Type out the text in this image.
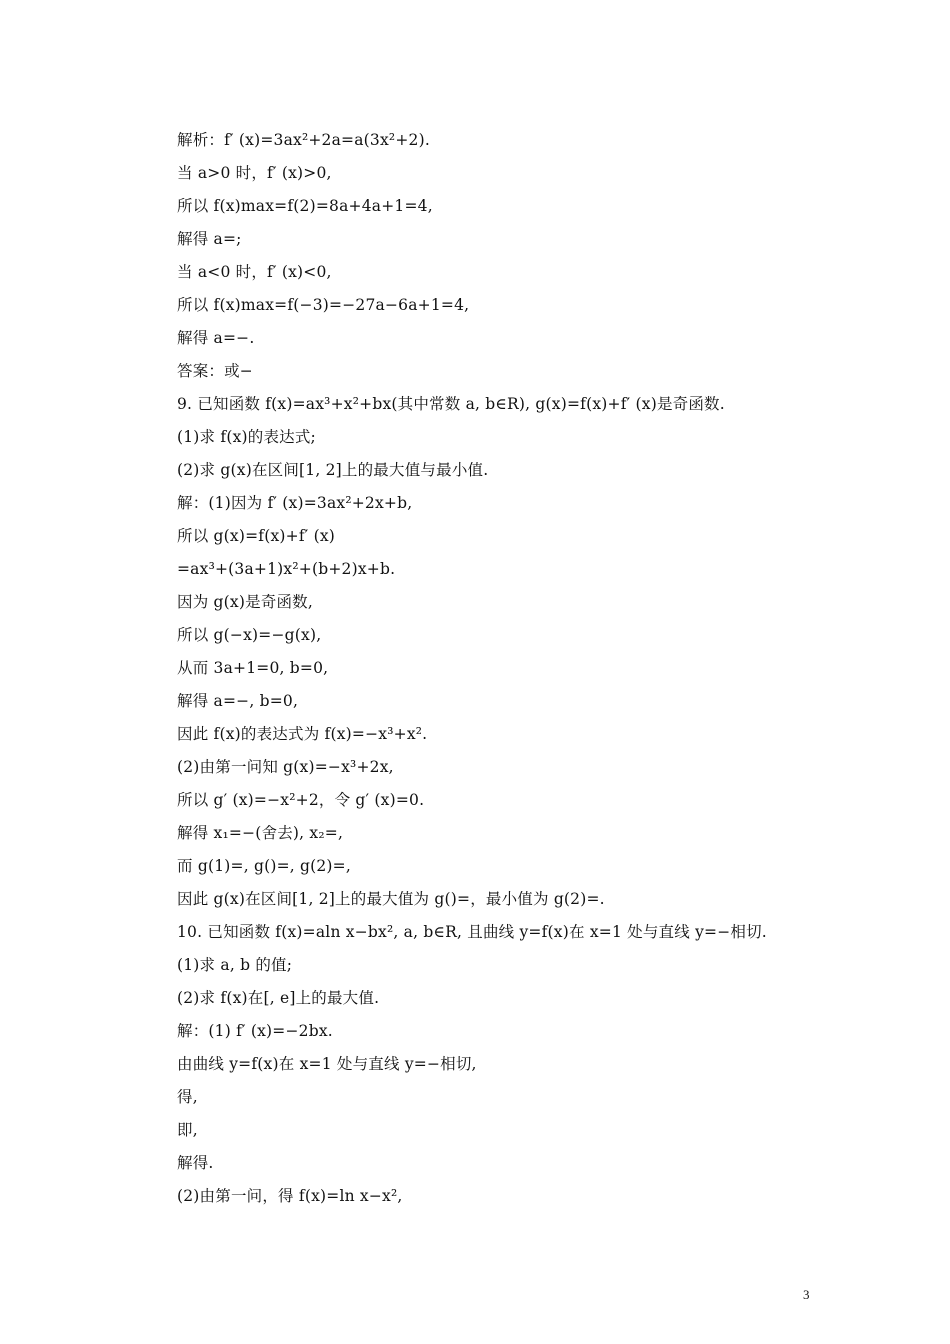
解析：f′ (x)=3ax²+2a=a(3x²+2).
当 a>0 时，f′ (x)>0,
所以 f(x)max=f(2)=8a+4a+1=4,
解得 a=;
当 a<0 时，f′ (x)<0,
所以 f(x)max=f(−3)=−27a−6a+1=4,
解得 a=−.
答案：或−
9. 已知函数 f(x)=ax³+x²+bx(其中常数 a, b∈R), g(x)=f(x)+f′ (x)是奇函数.
(1)求 f(x)的表达式;
(2)求 g(x)在区间[1, 2]上的最大值与最小值.
解：(1)因为 f′ (x)=3ax²+2x+b,
所以 g(x)=f(x)+f′ (x)
=ax³+(3a+1)x²+(b+2)x+b.
因为 g(x)是奇函数,
所以 g(−x)=−g(x),
从而 3a+1=0, b=0,
解得 a=−, b=0,
因此 f(x)的表达式为 f(x)=−x³+x².
(2)由第一问知 g(x)=−x³+2x,
所以 g′ (x)=−x²+2，令 g′ (x)=0.
解得 x₁=−(舍去), x₂=,
而 g(1)=, g()=, g(2)=,
因此 g(x)在区间[1, 2]上的最大值为 g()=，最小值为 g(2)=.
10. 已知函数 f(x)=aln x−bx², a, b∈R, 且曲线 y=f(x)在 x=1 处与直线 y=−相切.
(1)求 a, b 的值;
(2)求 f(x)在[, e]上的最大值.
解：(1) f′ (x)=−2bx.
由曲线 y=f(x)在 x=1 处与直线 y=−相切,
得,
即,
解得.
(2)由第一问，得 f(x)=ln x−x²,
3
